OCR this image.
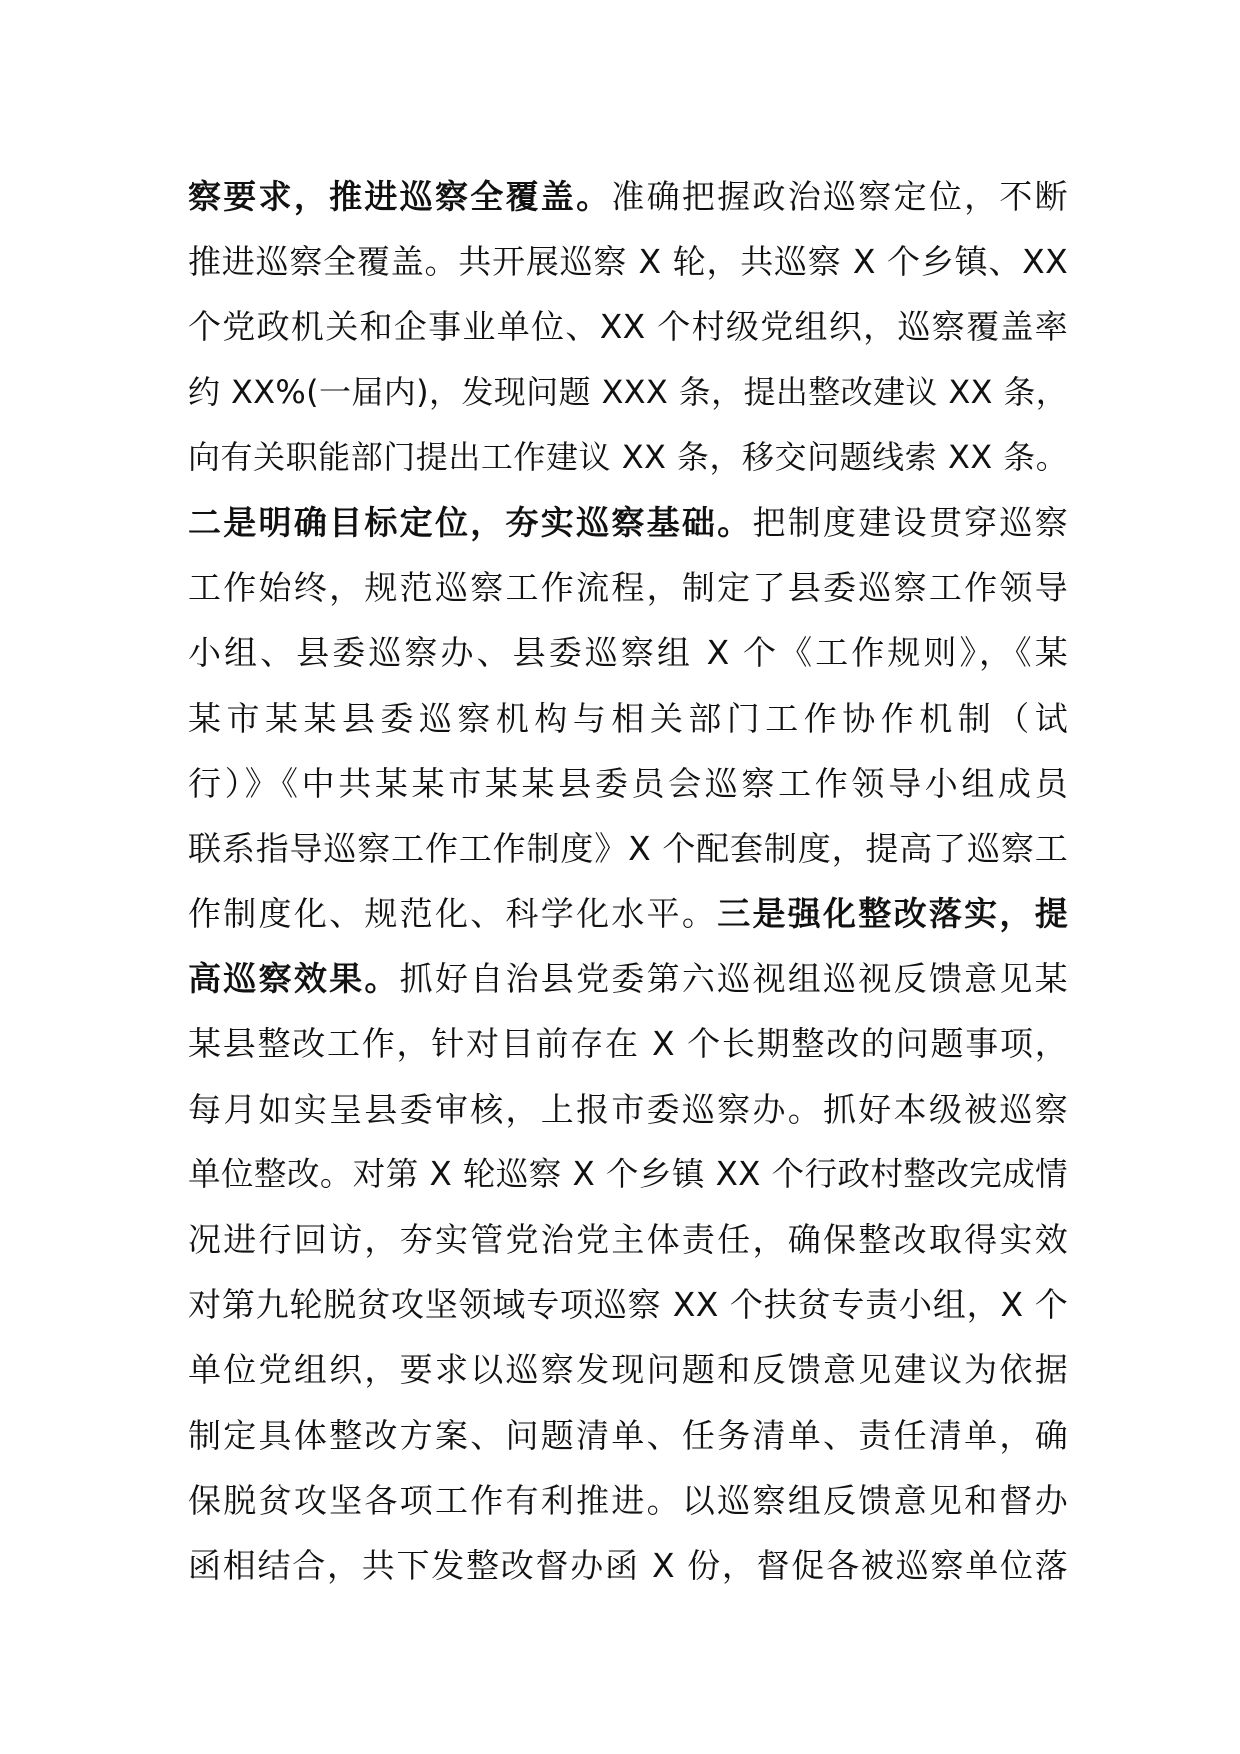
察要求，推进巡察全覆盖。准确把握政治巡察定位，不断
推进巡察全覆盖。共开展巡察 X 轮，共巡察 X 个乡镇、XX
个党政机关和企事业单位、XX 个村级党组织，巡察覆盖率
约 XX%(一届内)，发现问题 XXX 条，提出整改建议 XX 条，
向有关职能部门提出工作建议 XX 条，移交问题线索 XX 条。
二是明确目标定位，夯实巡察基础。把制度建设贯穿巡察
工作始终，规范巡察工作流程，制定了县委巡察工作领导
小组、县委巡察办、县委巡察组 X 个《工作规则》，《某
某市某某县委巡察机构与相关部门工作协作机制（试
行）》《中共某某市某某县委员会巡察工作领导小组成员
联系指导巡察工作工作制度》X 个配套制度，提高了巡察工
作制度化、规范化、科学化水平。三是强化整改落实，提
高巡察效果。抓好自治县党委第六巡视组巡视反馈意见某
某县整改工作，针对目前存在 X 个长期整改的问题事项，
每月如实呈县委审核，上报市委巡察办。抓好本级被巡察
单位整改。对第 X 轮巡察 X 个乡镇 XX 个行政村整改完成情
况进行回访，夯实管党治党主体责任，确保整改取得实效
对第九轮脱贫攻坚领域专项巡察 XX 个扶贫专责小组，X 个
单位党组织，要求以巡察发现问题和反馈意见建议为依据
制定具体整改方案、问题清单、任务清单、责任清单，确
保脱贫攻坚各项工作有利推进。以巡察组反馈意见和督办
函相结合，共下发整改督办函 X 份，督促各被巡察单位落
